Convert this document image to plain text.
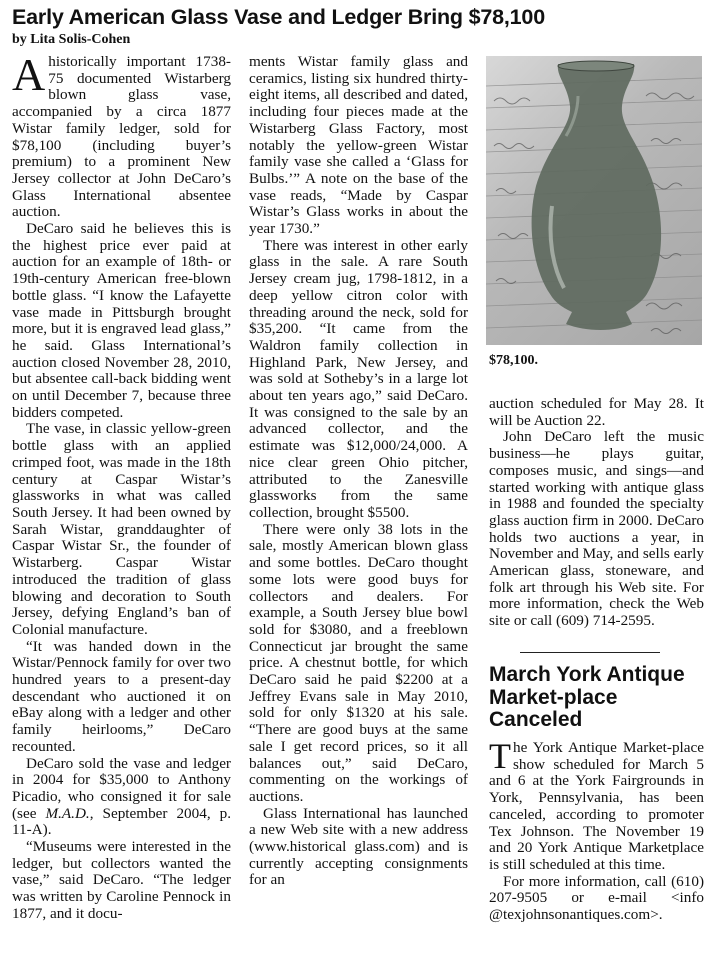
Early American Glass Vase and Ledger Bring $78,100
by Lita Solis-Cohen

A historically important 1738-75 documented Wistarberg blown glass vase, accompanied by a circa 1877 Wistar family ledger, sold for $78,100 (including buyer’s premium) to a prominent New Jersey collector at John DeCaro’s Glass International absentee auction.

DeCaro said he believes this is the highest price ever paid at auction for an example of 18th- or 19th-century American free-blown bottle glass. “I know the Lafayette vase made in Pittsburgh brought more, but it is engraved lead glass,” he said. Glass International’s auction closed November 28, 2010, but absentee call-back bidding went on until December 7, because three bidders competed.

The vase, in classic yellow-green bottle glass with an applied crimped foot, was made in the 18th century at Caspar Wistar’s glassworks in what was called South Jersey. It had been owned by Sarah Wistar, granddaughter of Caspar Wistar Sr., the founder of Wistarberg. Caspar Wistar introduced the tradition of glass blowing and decoration to South Jersey, defying England’s ban of Colonial manufacture.

“It was handed down in the Wistar/Pennock family for over two hundred years to a present-day descendant who auctioned it on eBay along with a ledger and other family heirlooms,” DeCaro recounted.

DeCaro sold the vase and ledger in 2004 for $35,000 to Anthony Picadio, who consigned it for sale (see M.A.D., September 2004, p. 11-A).

“Museums were interested in the ledger, but collectors wanted the vase,” said DeCaro. “The ledger was written by Caroline Pennock in 1877, and it docu-

ments Wistar family glass and ceramics, listing six hundred thirty-eight items, all described and dated, including four pieces made at the Wistarberg Glass Factory, most notably the yellow-green Wistar family vase she called a ‘Glass for Bulbs.’” A note on the base of the vase reads, “Made by Caspar Wistar’s Glass works in about the year 1730.”

There was interest in other early glass in the sale. A rare South Jersey cream jug, 1798-1812, in a deep yellow citron color with threading around the neck, sold for $35,200. “It came from the Waldron family collection in Highland Park, New Jersey, and was sold at Sotheby’s in a large lot about ten years ago,” said DeCaro. It was consigned to the sale by an advanced collector, and the estimate was $12,000/24,000. A nice clear green Ohio pitcher, attributed to the Zanesville glassworks from the same collection, brought $5500.

There were only 38 lots in the sale, mostly American blown glass and some bottles. DeCaro thought some lots were good buys for collectors and dealers. For example, a South Jersey blue bowl sold for $3080, and a freeblown Connecticut jar brought the same price. A chestnut bottle, for which DeCaro said he paid $2200 at a Jeffrey Evans sale in May 2010, sold for only $1320 at his sale. “There are good buys at the same sale I get record prices, so it all balances out,” said DeCaro, commenting on the workings of auctions.

Glass International has launched a new Web site with a new address (www.historical glass.com) and is currently accepting consignments for an

$78,100.

auction scheduled for May 28. It will be Auction 22.

John DeCaro left the music business—he plays guitar, composes music, and sings—and started working with antique glass in 1988 and founded the specialty glass auction firm in 2000. DeCaro holds two auctions a year, in November and May, and sells early American glass, stoneware, and folk art through his Web site. For more information, check the Web site or call (609) 714-2595.

March York Antique Market-place Canceled

The York Antique Market-place show scheduled for March 5 and 6 at the York Fairgrounds in York, Pennsylvania, has been canceled, according to promoter Tex Johnson. The November 19 and 20 York Antique Marketplace is still scheduled at this time.

For more information, call (610) 207-9505 or e-mail <info @texjohnsonantiques.com>.
